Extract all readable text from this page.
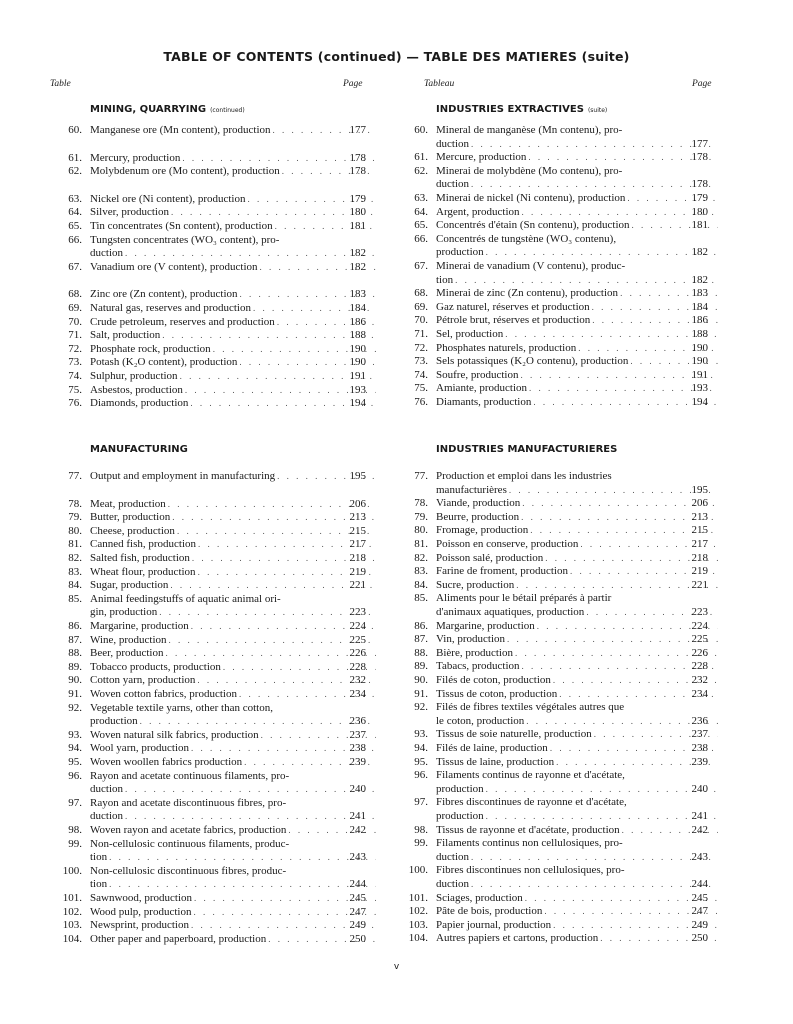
TABLE OF CONTENTS (continued) — TABLE DES MATIERES (suite)
Table	Page	Tableau	Page
v
MINING, QUARRYING (continued)
60. Manganese ore (Mn content), production . . .	177
61. Mercury, production . . .	178
62. Molybdenum ore (Mo content), production . . .	178
63. Nickel ore (Ni content), production . . .	179
64. Silver, production . . .	180
65. Tin concentrates (Sn content), production . . .	181
66. Tungsten concentrates (WO₃ content), pro-
duction . . .	182
67. Vanadium ore (V content), production . . .	182
68. Zinc ore (Zn content), production . . .	183
69. Natural gas, reserves and production . . .	184
70. Crude petroleum, reserves and production . . .	186
71. Salt, production . . .	188
72. Phosphate rock, production . . .	190
73. Potash (K₂O content), production . . .	190
74. Sulphur, production . . .	191
75. Asbestos, production . . .	193
76. Diamonds, production . . .	194
MANUFACTURING
77. Output and employment in manufacturing . . .	195
78. Meat, production . . .	206
79. Butter, production . . .	213
80. Cheese, production . . .	215
81. Canned fish, production . . .	217
82. Salted fish, production . . .	218
83. Wheat flour, production . . .	219
84. Sugar, production . . .	221
85. Animal feedingstuffs of aquatic animal ori-
gin, production . . .	223
86. Margarine, production . . .	224
87. Wine, production . . .	225
88. Beer, production . . .	226
89. Tobacco products, production . . .	228
90. Cotton yarn, production . . .	232
91. Woven cotton fabrics, production . . .	234
92. Vegetable textile yarns, other than cotton,
production . . .	236
93. Woven natural silk fabrics, production . . .	237
94. Wool yarn, production . . .	238
95. Woven woollen fabrics production . . .	239
96. Rayon and acetate continuous filaments, pro-
duction . . .	240
97. Rayon and acetate discontinuous fibres, pro-
duction . . .	241
98. Woven rayon and acetate fabrics, production . . .	242
99. Non-cellulosic continuous filaments, produc-
tion . . .	243
100. Non-cellulosic discontinuous fibres, produc-
tion . . .	244
101. Sawnwood, production . . .	245
102. Wood pulp, production . . .	247
103. Newsprint, production . . .	249
104. Other paper and paperboard, production . . .	250
INDUSTRIES EXTRACTIVES (suite)
60. Mineral de manganèse (Mn contenu), pro-
duction . . .	177
61. Mercure, production . . .	178
62. Minerai de molybdène (Mo contenu), pro-
duction . . .	178
63. Minerai de nickel (Ni contenu), production . . .	179
64. Argent, production . . .	180
65. Concentrés d'étain (Sn contenu), production . . .	181
66. Concentrés de tungstène (WO₃ contenu),
production . . .	182
67. Minerai de vanadium (V contenu), produc-
tion . . .	182
68. Minerai de zinc (Zn contenu), production . . .	183
69. Gaz naturel, réserves et production . . .	184
70. Pétrole brut, réserves et production . . .	186
71. Sel, production . . .	188
72. Phosphates naturels, production . . .	190
73. Sels potassiques (K₂O contenu), production . . .	190
74. Soufre, production . . .	191
75. Amiante, production . . .	193
76. Diamants, production . . .	194
INDUSTRIES MANUFACTURIERES
77. Production et emploi dans les industries
manufacturières . . .	195
78. Viande, production . . .	206
79. Beurre, production . . .	213
80. Fromage, production . . .	215
81. Poisson en conserve, production . . .	217
82. Poisson salé, production . . .	218
83. Farine de froment, production . . .	219
84. Sucre, production . . .	221
85. Aliments pour le bétail préparés à partir
d'animaux aquatiques, production . . .	223
86. Margarine, production . . .	224
87. Vin, production . . .	225
88. Bière, production . . .	226
89. Tabacs, production . . .	228
90. Filés de coton, production . . .	232
91. Tissus de coton, production . . .	234
92. Filés de fibres textiles végétales autres que
le coton, production . . .	236
93. Tissus de soie naturelle, production . . .	237
94. Filés de laine, production . . .	238
95. Tissus de laine, production . . .	239
96. Filaments continus de rayonne et d'acétate,
production . . .	240
97. Fibres discontinues de rayonne et d'acétate,
production . . .	241
98. Tissus de rayonne et d'acétate, production . . .	242
99. Filaments continus non cellulosiques, pro-
duction . . .	243
100. Fibres discontinues non cellulosiques, pro-
duction . . .	244
101. Sciages, production . . .	245
102. Pâte de bois, production . . .	247
103. Papier journal, production . . .	249
104. Autres papiers et cartons, production . . .	250
